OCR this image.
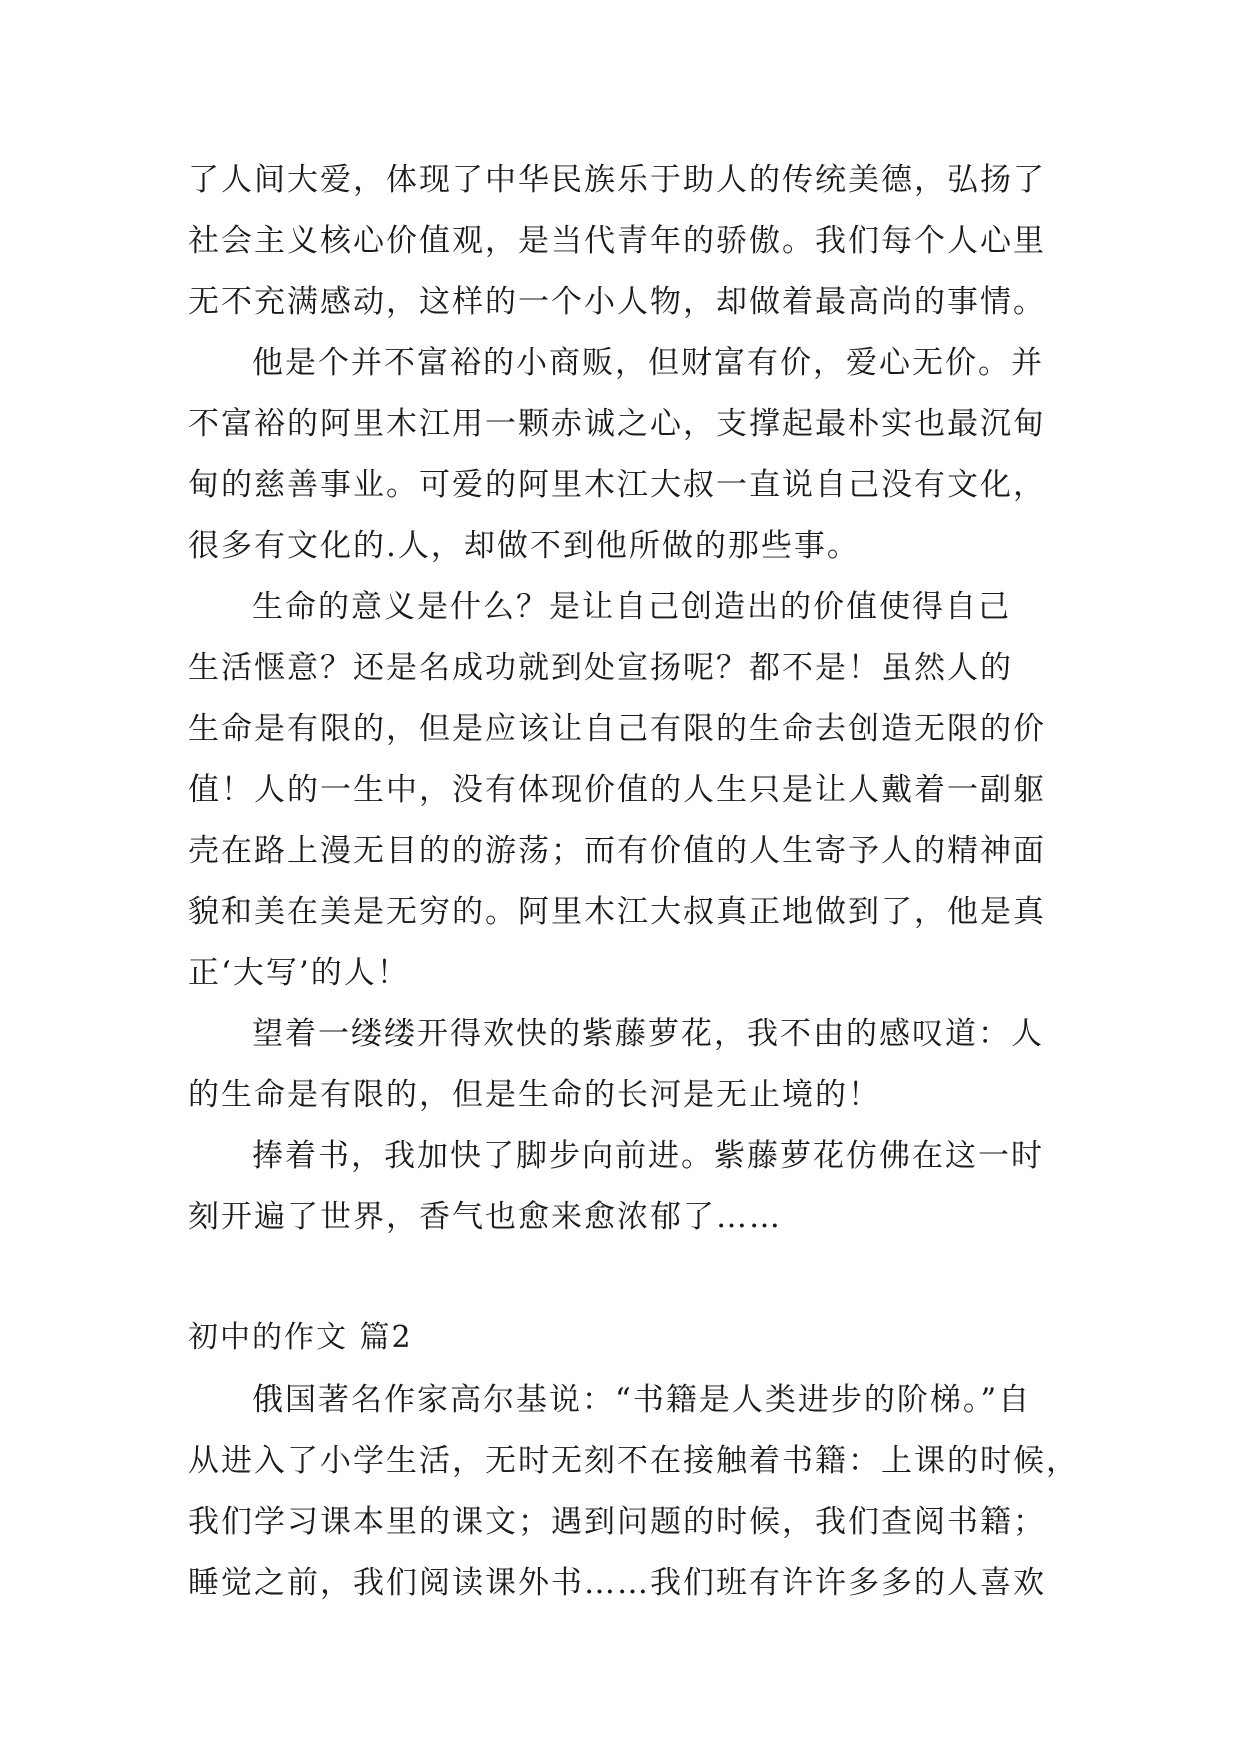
了人间大爱，体现了中华民族乐于助人的传统美德，弘扬了
社会主义核心价值观，是当代青年的骄傲。我们每个人心里
无不充满感动，这样的一个小人物，却做着最高尚的事情。
他是个并不富裕的小商贩，但财富有价，爱心无价。并
不富裕的阿里木江用一颗赤诚之心，支撑起最朴实也最沉甸
甸的慈善事业。可爱的阿里木江大叔一直说自己没有文化，
很多有文化的.人，却做不到他所做的那些事。
生命的意义是什么？是让自己创造出的价值使得自己
生活惬意？还是名成功就到处宣扬呢？都不是！虽然人的
生命是有限的，但是应该让自己有限的生命去创造无限的价
值！人的一生中，没有体现价值的人生只是让人戴着一副躯
壳在路上漫无目的的游荡；而有价值的人生寄予人的精神面
貌和美在美是无穷的。阿里木江大叔真正地做到了，他是真
正‘大写’的人！
望着一缕缕开得欢快的紫藤萝花，我不由的感叹道：人
的生命是有限的，但是生命的长河是无止境的！
捧着书，我加快了脚步向前进。紫藤萝花仿佛在这一时
刻开遍了世界，香气也愈来愈浓郁了……
初中的作文 篇2
俄国著名作家高尔基说：“书籍是人类进步的阶梯。”自
从进入了小学生活，无时无刻不在接触着书籍：上课的时候，
我们学习课本里的课文；遇到问题的时候，我们查阅书籍；
睡觉之前，我们阅读课外书……我们班有许许多多的人喜欢
